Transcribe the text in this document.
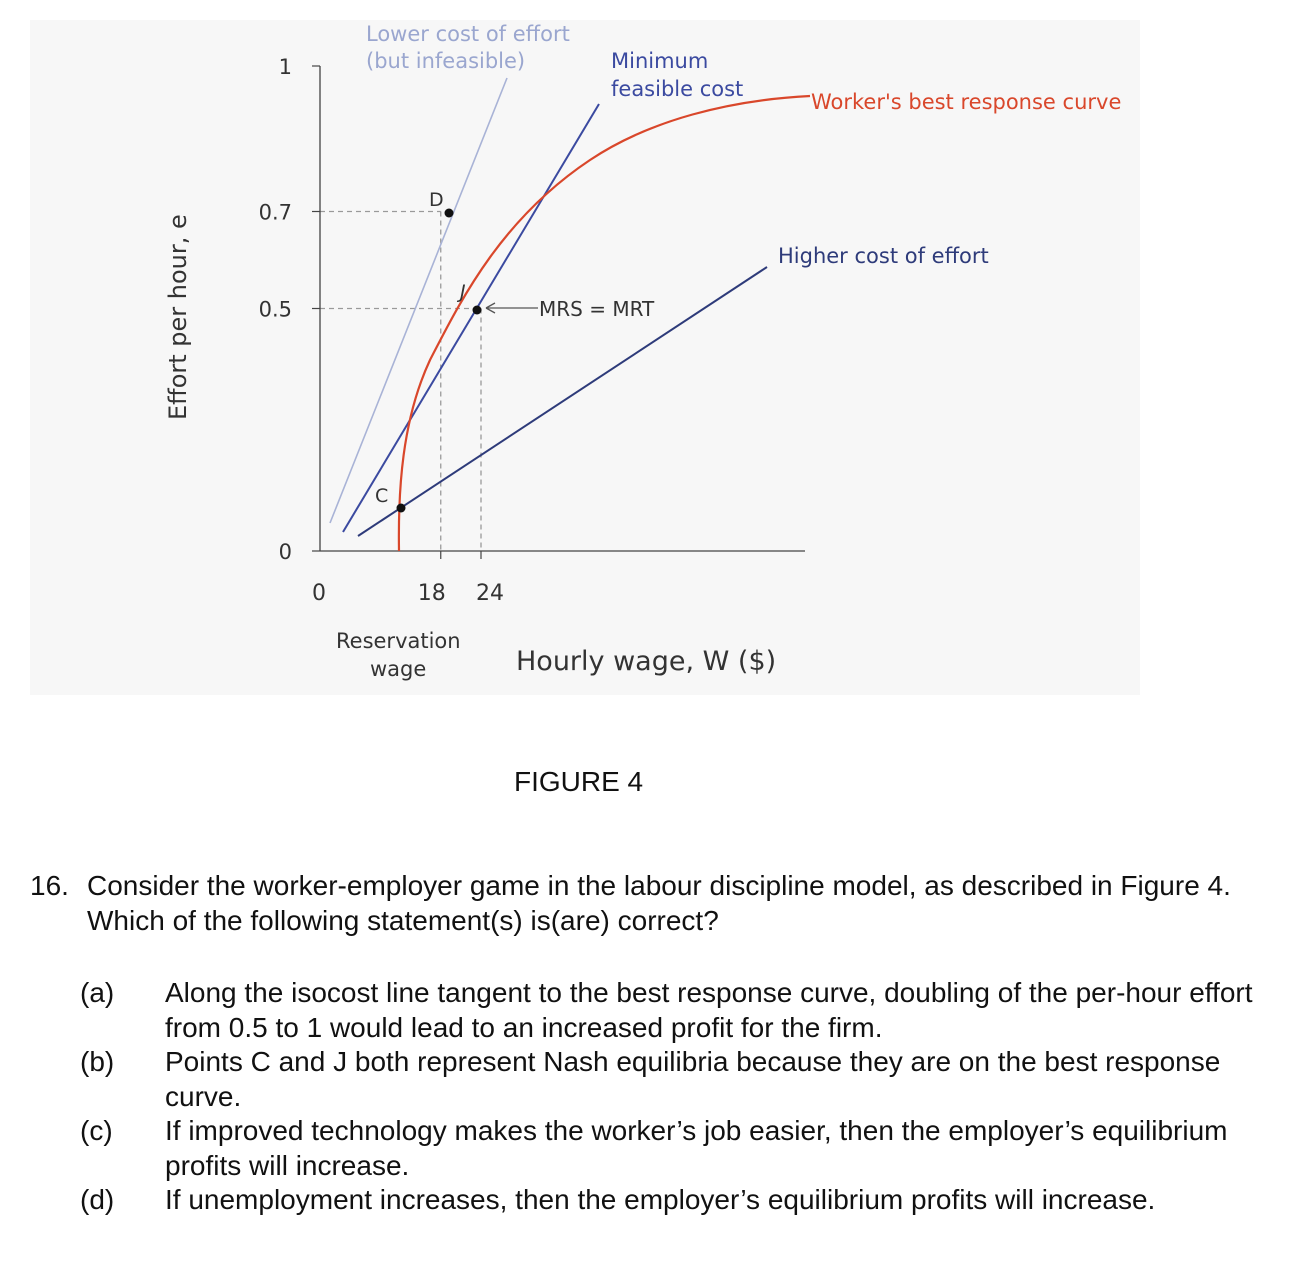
0
0.5
0.7
1
0	18 24
Effort per hour, e
Hourly wage, W ($)
Reservation
wage
Lower cost of effort
(but infeasible)	Minimum
feasible cost
Worker's best response curve
Higher cost of effort
MRS = MRT
C
D
J
FIGURE 4
16. Consider the worker-employer game in the labour discipline model, as described in Figure 4. Which of the following statement(s) is(are) correct?
(a) Along the isocost line tangent to the best response curve, doubling of the per-hour effort from 0.5 to 1 would lead to an increased profit for the firm.
(b) Points C and J both represent Nash equilibria because they are on the best response curve.
(c) If improved technology makes the worker’s job easier, then the employer’s equilibrium profits will increase.
(d) If unemployment increases, then the employer’s equilibrium profits will increase.
